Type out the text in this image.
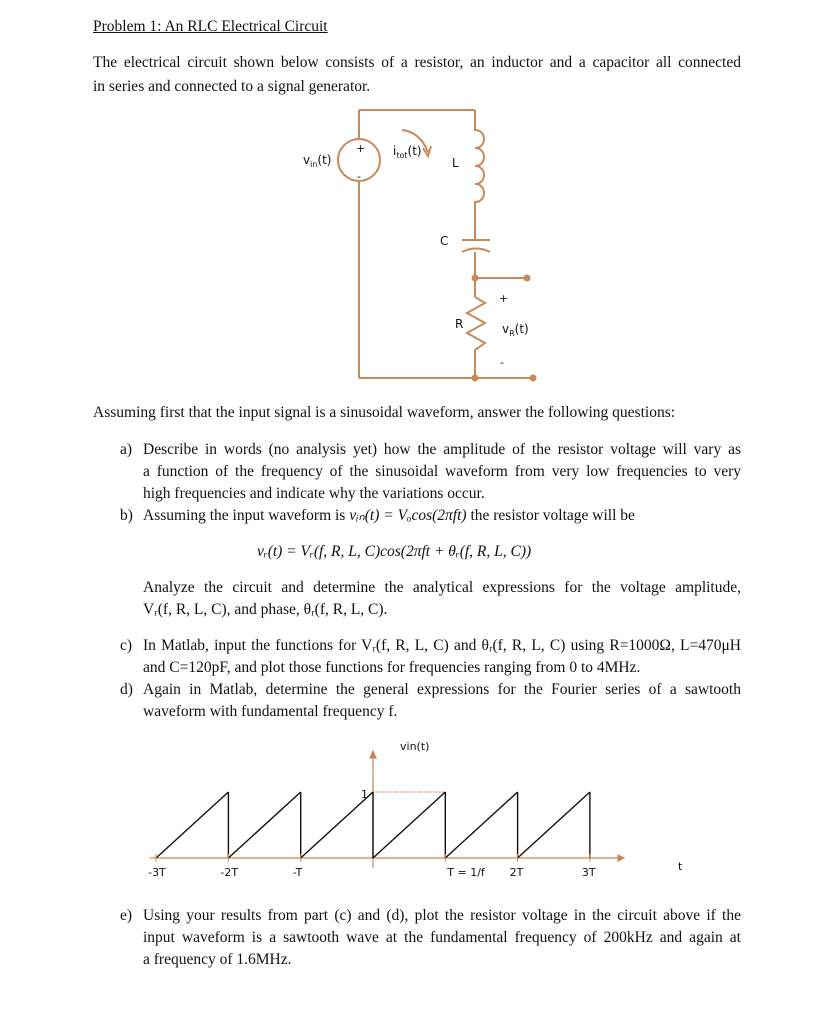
Problem 1: An RLC Electrical Circuit
The electrical circuit shown below consists of a resistor, an inductor and a capacitor all connected
in series and connected to a signal generator.
+
-
$v_{in}(t)$
$i_{tot}(t)$
L
C
R
+
-
$v_R(t)$
Assuming first that the input signal is a sinusoidal waveform, answer the following questions:
a) Describe in words (no analysis yet) how the amplitude of the resistor voltage will vary as
a function of the frequency of the sinusoidal waveform from very low frequencies to very
high frequencies and indicate why the variations occur.
b) Assuming the input waveform is vᵢₙ(t) = Vₒcos(2πft) the resistor voltage will be
vᵣ(t) = Vᵣ(f, R, L, C)cos(2πft + θᵣ(f, R, L, C))
Analyze the circuit and determine the analytical expressions for the voltage amplitude,
Vᵣ(f, R, L, C), and phase, θᵣ(f, R, L, C).
c) In Matlab, input the functions for Vᵣ(f, R, L, C) and θᵣ(f, R, L, C) using R=1000Ω, L=470μH
and C=120pF, and plot those functions for frequencies ranging from 0 to 4MHz.
d) Again in Matlab, determine the general expressions for the Fourier series of a sawtooth
waveform with fundamental frequency f.
vin(t)
1
t
-3T	-2T	-T	T = 1/f 2T	3T
e) Using your results from part (c) and (d), plot the resistor voltage in the circuit above if the
input waveform is a sawtooth wave at the fundamental frequency of 200kHz and again at
a frequency of 1.6MHz.
